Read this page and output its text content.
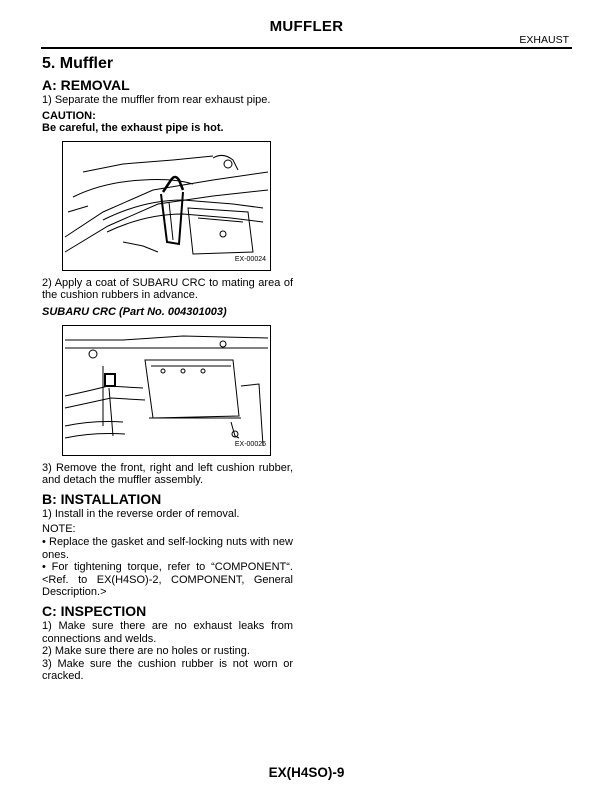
MUFFLER
EXHAUST
5. Muffler
A: REMOVAL

1) Separate the muffler from rear exhaust pipe.

CAUTION:

Be careful, the exhaust pipe is hot.

EX-00024

2) Apply a coat of SUBARU CRC to mating area of the cushion rubbers in advance.

SUBARU CRC (Part No. 004301003)

EX-00026

3) Remove the front, right and left cushion rubber, and detach the muffler assembly.

B: INSTALLATION

1) Install in the reverse order of removal.

NOTE:

• Replace the gasket and self-locking nuts with new ones.

• For tightening torque, refer to “COMPONENT“. <Ref. to EX(H4SO)-2, COMPONENT, General Description.>

C: INSPECTION

1) Make sure there are no exhaust leaks from connections and welds.

2) Make sure there are no holes or rusting.

3) Make sure the cushion rubber is not worn or cracked.

EX(H4SO)-9
